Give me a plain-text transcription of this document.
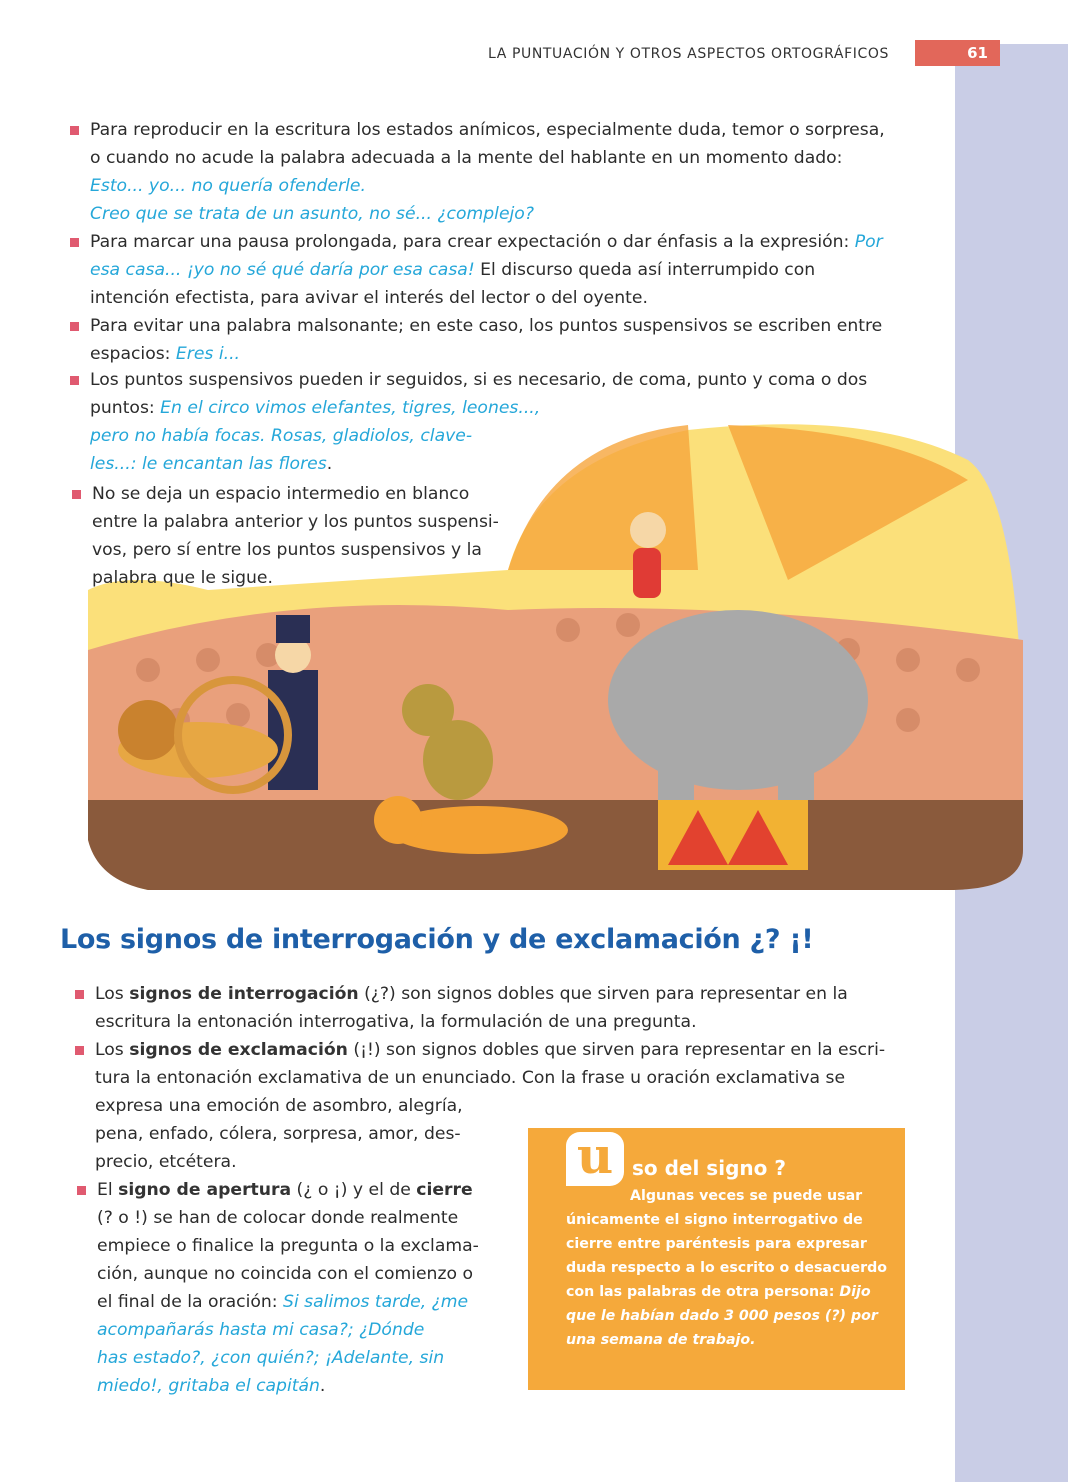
LA PUNTUACIÓN Y OTROS ASPECTOS ORTOGRÁFICOS	61
Para reproducir en la escritura los estados anímicos, especialmente duda, temor o sorpresa,
o cuando no acude la palabra adecuada a la mente del hablante en un momento dado:
Esto... yo... no quería ofenderle.
Creo que se trata de un asunto, no sé... ¿complejo?
Para marcar una pausa prolongada, para crear expectación o dar énfasis a la expresión: Por
esa casa... ¡yo no sé qué daría por esa casa! El discurso queda así interrumpido con
intención efectista, para avivar el interés del lector o del oyente.
Para evitar una palabra malsonante; en este caso, los puntos suspensivos se escriben entre
espacios: Eres i...
Los puntos suspensivos pueden ir seguidos, si es necesario, de coma, punto y coma o dos
puntos: En el circo vimos elefantes, tigres, leones...,
pero no había focas. Rosas, gladiolos, clave-
les...: le encantan las flores.
No se deja un espacio intermedio en blanco
entre la palabra anterior y los puntos suspensi-
vos, pero sí entre los puntos suspensivos y la
palabra que le sigue.
Los signos de interrogación y de exclamación ¿? ¡!
Los signos de interrogación (¿?) son signos dobles que sirven para representar en la
escritura la entonación interrogativa, la formulación de una pregunta.
Los signos de exclamación (¡!) son signos dobles que sirven para representar en la escri-
tura la entonación exclamativa de un enunciado. Con la frase u oración exclamativa se
expresa una emoción de asombro, alegría,
pena, enfado, cólera, sorpresa, amor, des-
precio, etcétera.
El signo de apertura (¿ o ¡) y el de cierre
(? o !) se han de colocar donde realmente
empiece o finalice la pregunta o la exclama-
ción, aunque no coincida con el comienzo o
el final de la oración: Si salimos tarde, ¿me
acompañarás hasta mi casa?; ¿Dónde
has estado?, ¿con quién?; ¡Adelante, sin
miedo!, gritaba el capitán.
u so del signo ?
Algunas veces se puede usar
únicamente el signo interrogativo de
cierre entre paréntesis para expresar
duda respecto a lo escrito o desacuerdo
con las palabras de otra persona: Dijo
que le habían dado 3 000 pesos (?) por
una semana de trabajo.
